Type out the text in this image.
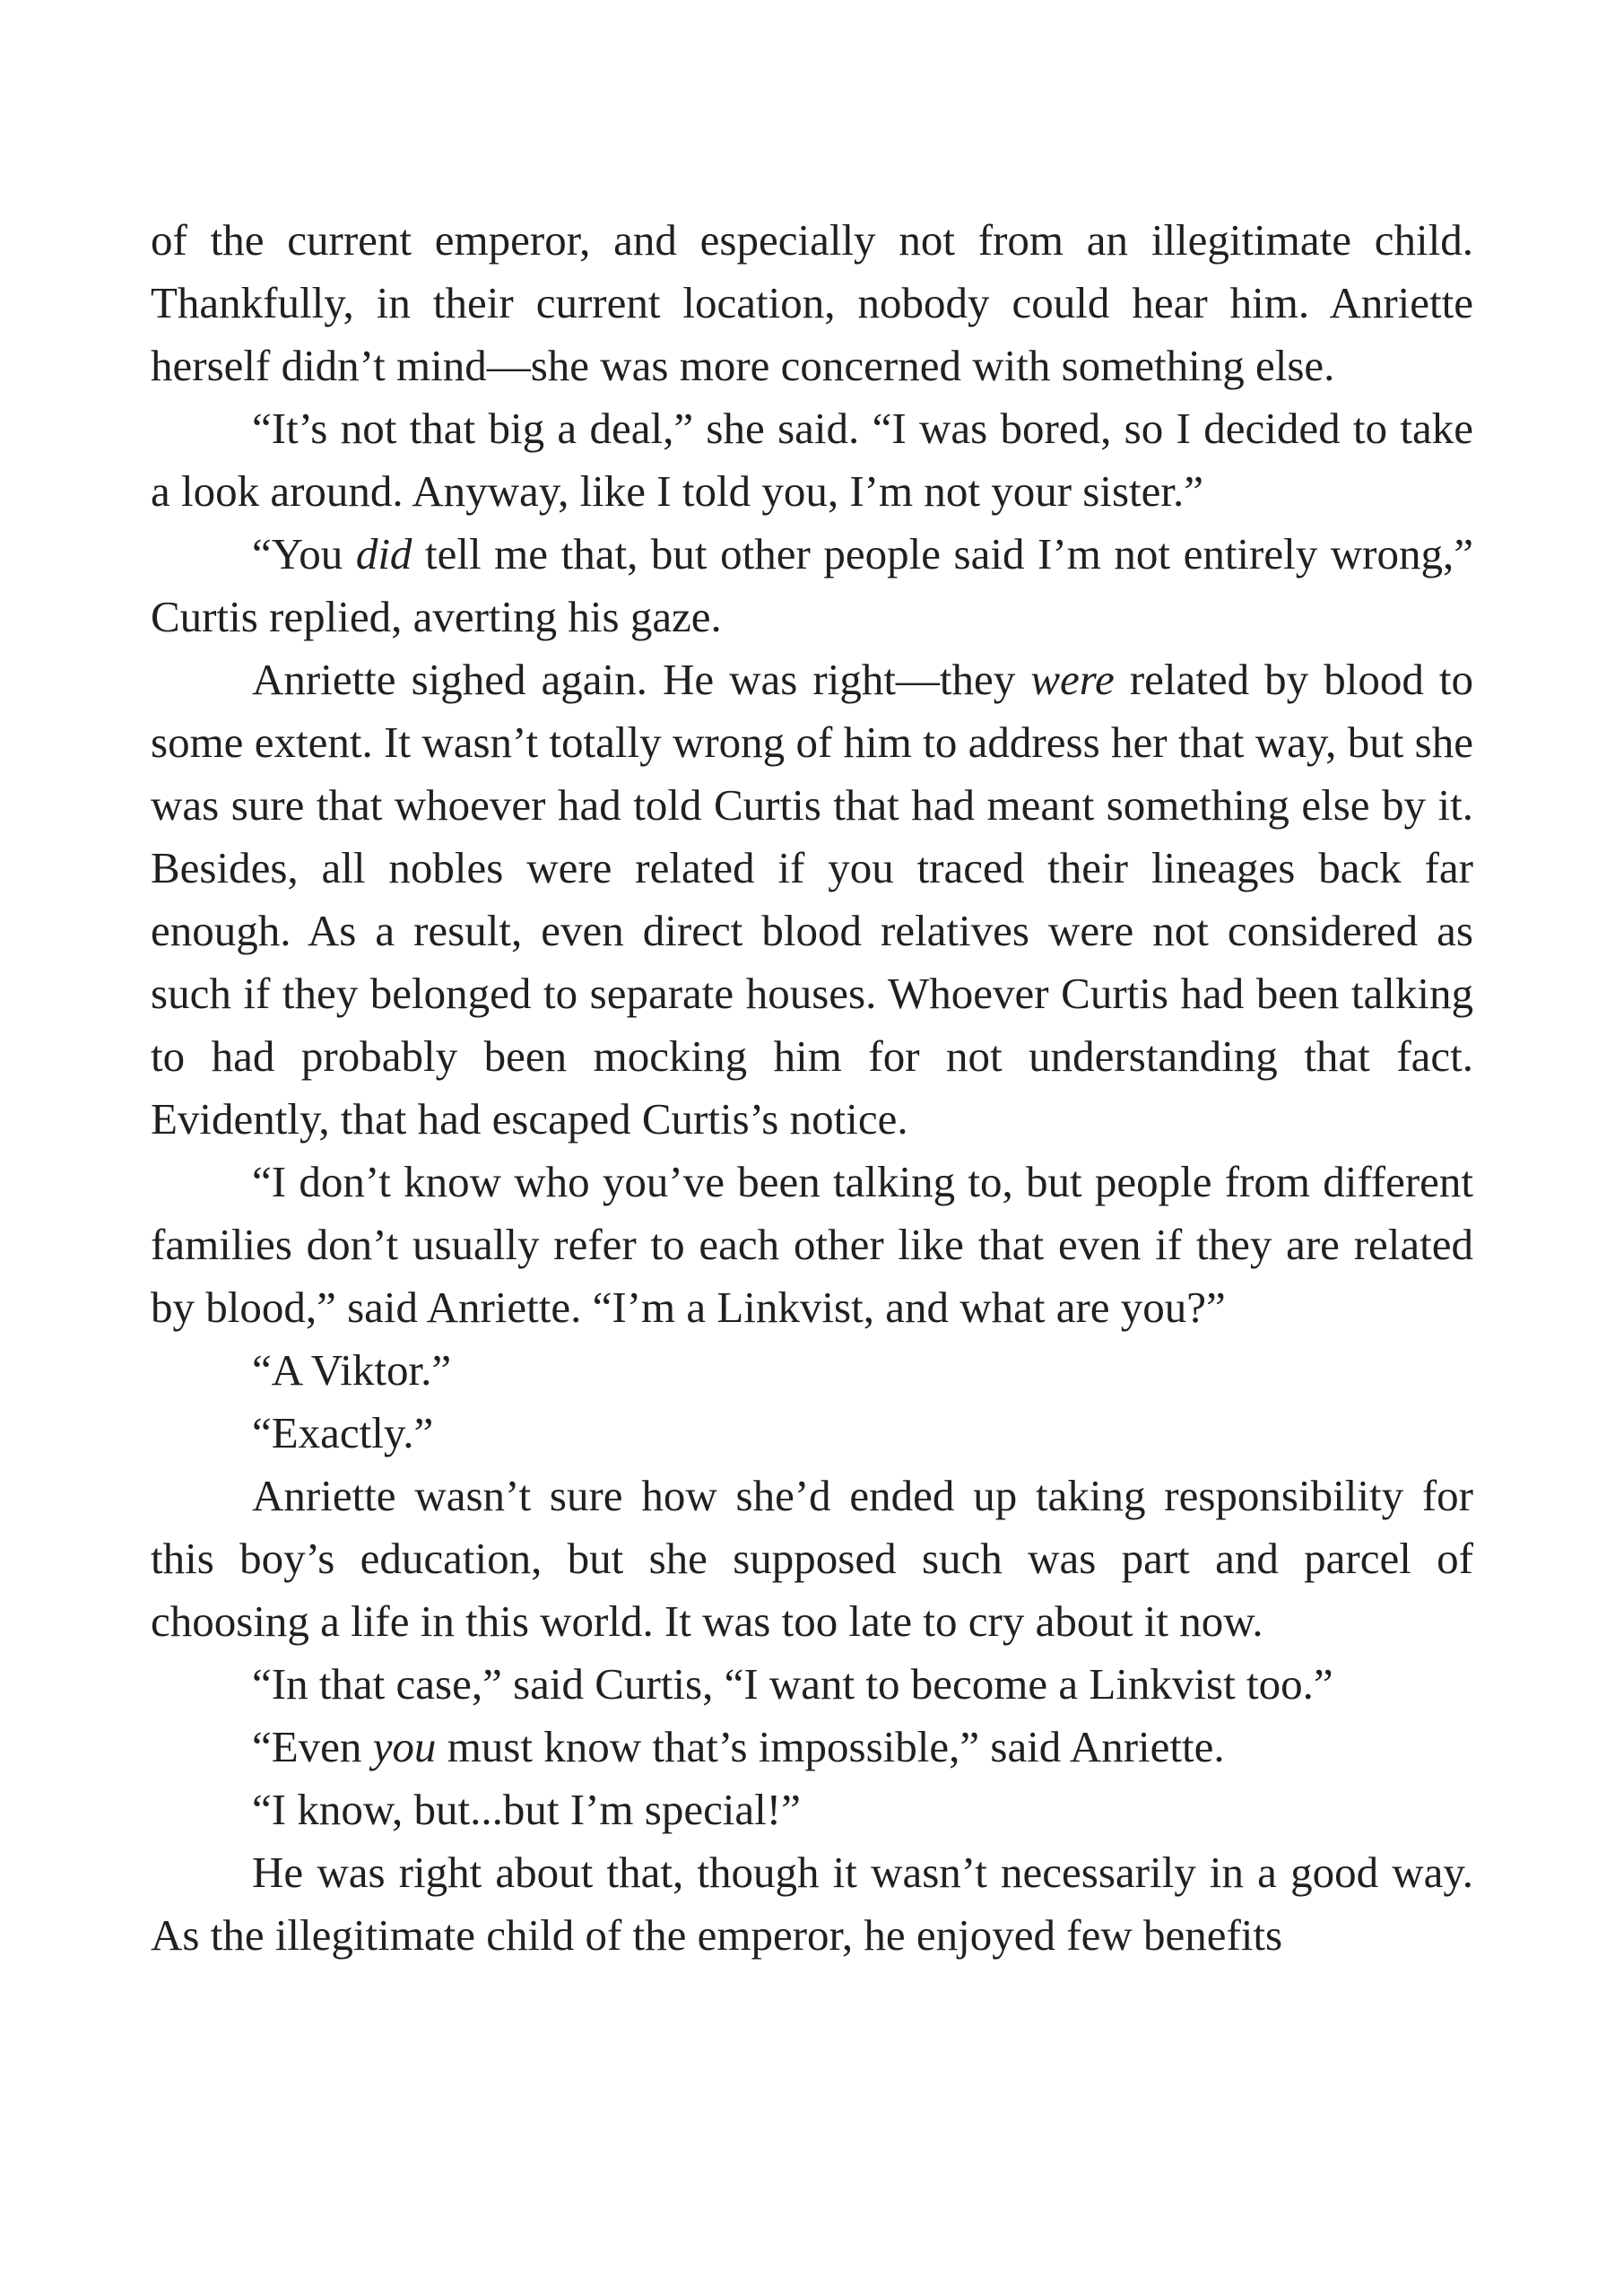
of the current emperor, and especially not from an illegitimate child. Thankfully, in their current location, nobody could hear him. Anriette herself didn’t mind—she was more concerned with something else.

“It’s not that big a deal,” she said. “I was bored, so I decided to take a look around. Anyway, like I told you, I’m not your sister.”

“You did tell me that, but other people said I’m not entirely wrong,” Curtis replied, averting his gaze.

Anriette sighed again. He was right—they were related by blood to some extent. It wasn’t totally wrong of him to address her that way, but she was sure that whoever had told Curtis that had meant something else by it. Besides, all nobles were related if you traced their lineages back far enough. As a result, even direct blood relatives were not considered as such if they belonged to separate houses. Whoever Curtis had been talking to had probably been mocking him for not understanding that fact. Evidently, that had escaped Curtis’s notice.

“I don’t know who you’ve been talking to, but people from different families don’t usually refer to each other like that even if they are related by blood,” said Anriette. “I’m a Linkvist, and what are you?”

“A Viktor.”

“Exactly.”

Anriette wasn’t sure how she’d ended up taking responsibility for this boy’s education, but she supposed such was part and parcel of choosing a life in this world. It was too late to cry about it now.

“In that case,” said Curtis, “I want to become a Linkvist too.”

“Even you must know that’s impossible,” said Anriette.

“I know, but...but I’m special!”

He was right about that, though it wasn’t necessarily in a good way. As the illegitimate child of the emperor, he enjoyed few benefits
